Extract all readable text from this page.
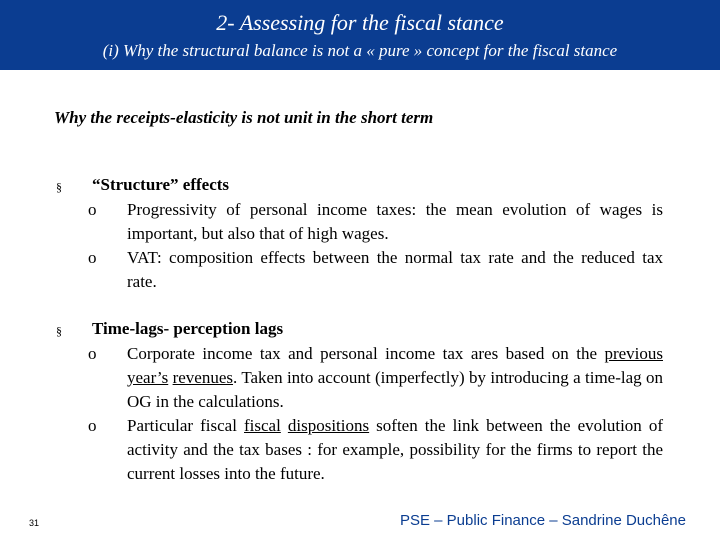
2- Assessing for the fiscal stance
(i) Why the structural balance is not a « pure » concept for the fiscal stance
Why the receipts-elasticity is not unit in the short term
§ “Structure” effects
o Progressivity of personal income taxes: the mean evolution of wages is important, but also that of high wages.
o VAT: composition effects between the normal tax rate and the reduced tax rate.
§ Time-lags- perception lags
o Corporate income tax and personal income tax ares based on the previous year’s revenues. Taken into account (imperfectly) by introducing a time-lag on OG in the calculations.
o Particular fiscal fiscal dispositions soften the link between the evolution of activity and the tax bases : for example, possibility for the firms to report the current losses into the future.
31	PSE – Public Finance – Sandrine Duchêne
